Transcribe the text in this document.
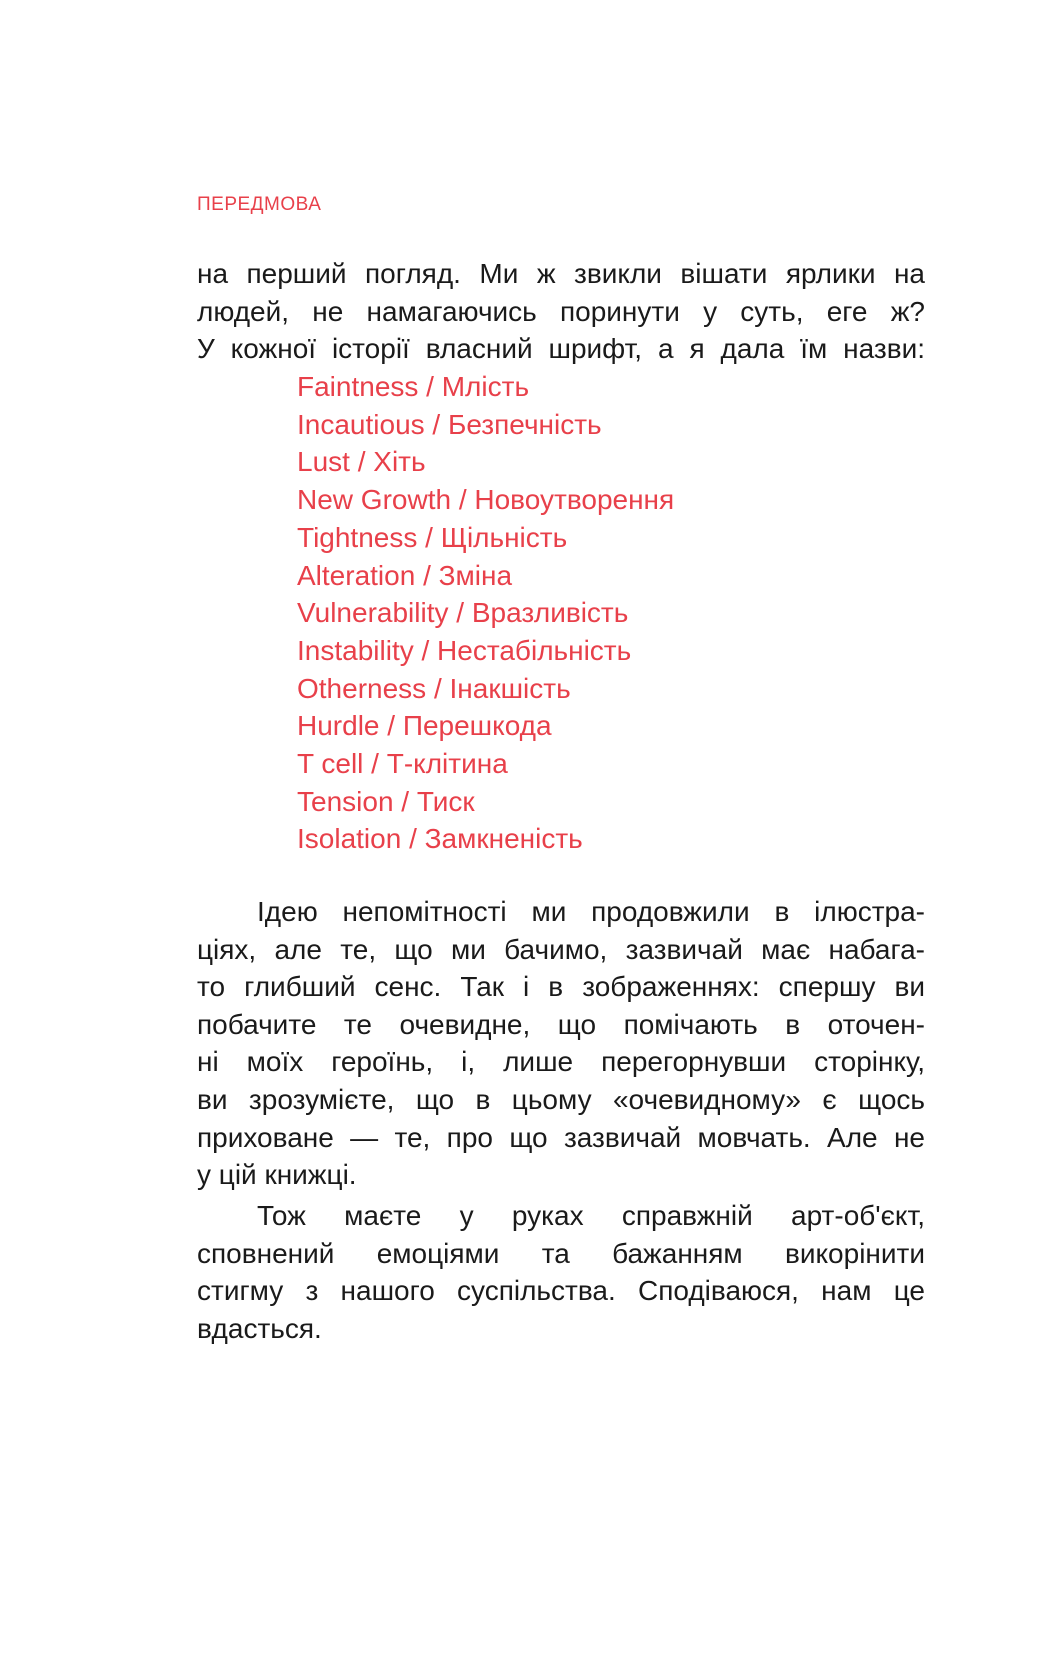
ПЕРЕДМОВА
на перший погляд. Ми ж звикли вішати ярлики на
людей, не намагаючись поринути у суть, еге ж?
У кожної історії власний шрифт, а я дала їм назви:
Faintness / Млість
Incautious / Безпечність
Lust / Хіть
New Growth / Новоутворення
Tightness / Щільність
Alteration / Зміна
Vulnerability / Вразливість
Instability / Нестабільність
Otherness / Інакшість
Hurdle / Перешкода
T cell / Т-клітина
Tension / Тиск
Isolation / Замкненість
Ідею непомітності ми продовжили в ілюстра-
ціях, але те, що ми бачимо, зазвичай має набага-
то глибший сенс. Так і в зображеннях: спершу ви
побачите те очевидне, що помічають в оточен-
ні моїх героїнь, і, лише перегорнувши сторінку,
ви зрозумієте, що в цьому «очевидному» є щось
приховане — те, про що зазвичай мовчать. Але не
у цій книжці.
Тож маєте у руках справжній арт-об'єкт,
сповнений емоціями та бажанням викорінити
стигму з нашого суспільства. Сподіваюся, нам це
вдасться.
